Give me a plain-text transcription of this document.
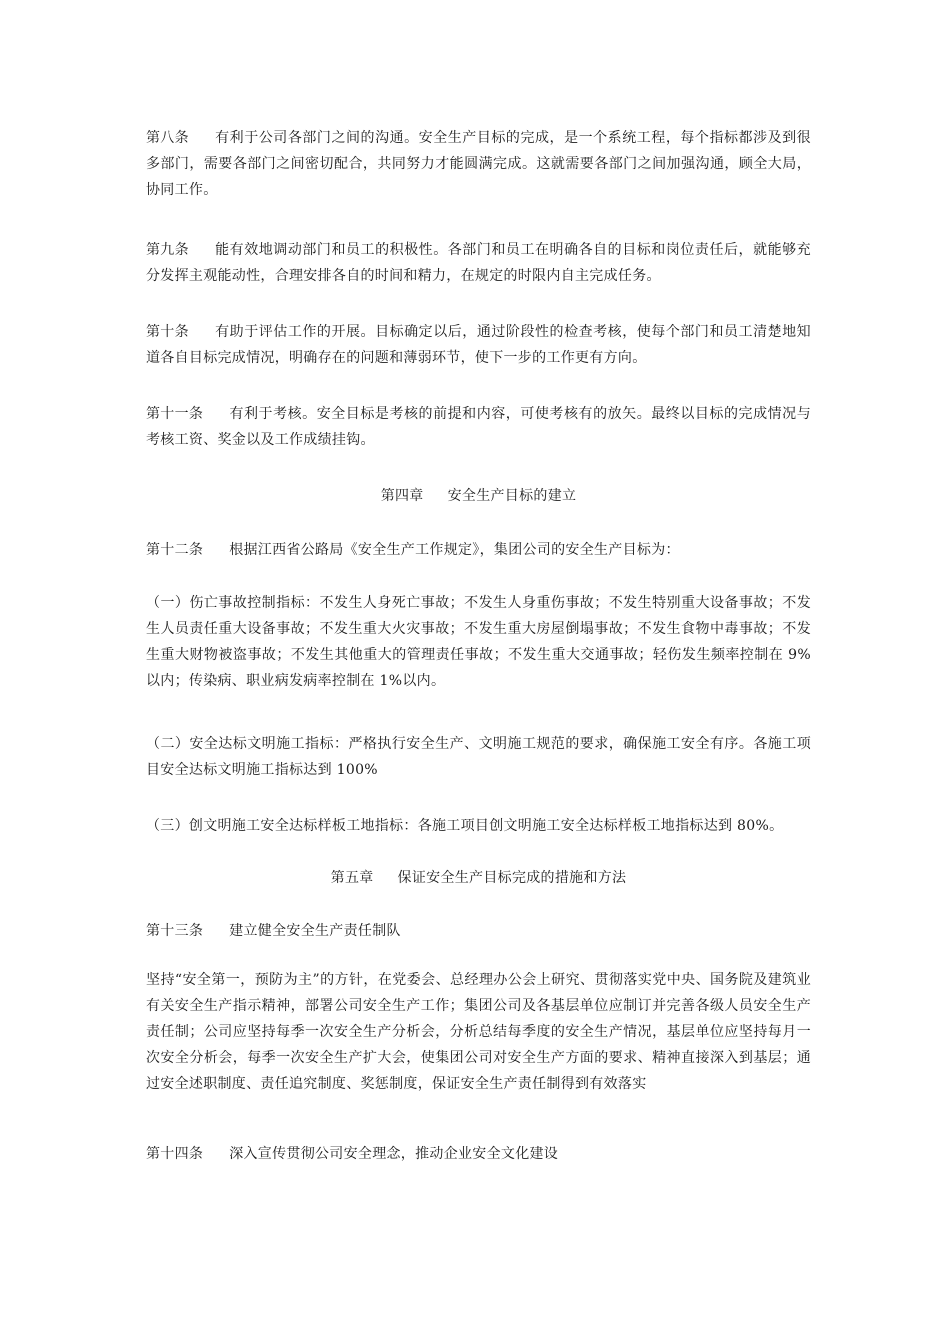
第八条 有利于公司各部门之间的沟通。安全生产目标的完成，是一个系统工程，每个指标都涉及到很多部门，需要各部门之间密切配合，共同努力才能圆满完成。这就需要各部门之间加强沟通，顾全大局，协同工作。

第九条 能有效地调动部门和员工的积极性。各部门和员工在明确各自的目标和岗位责任后，就能够充分发挥主观能动性，合理安排各自的时间和精力，在规定的时限内自主完成任务。

第十条 有助于评估工作的开展。目标确定以后，通过阶段性的检查考核，使每个部门和员工清楚地知道各自目标完成情况，明确存在的问题和薄弱环节，使下一步的工作更有方向。

第十一条 有利于考核。安全目标是考核的前提和内容，可使考核有的放矢。最终以目标的完成情况与考核工资、奖金以及工作成绩挂钩。

第四章 安全生产目标的建立

第十二条 根据江西省公路局《安全生产工作规定》，集团公司的安全生产目标为：

（一）伤亡事故控制指标：不发生人身死亡事故；不发生人身重伤事故；不发生特别重大设备事故；不发生人员责任重大设备事故；不发生重大火灾事故；不发生重大房屋倒塌事故；不发生食物中毒事故；不发生重大财物被盗事故；不发生其他重大的管理责任事故；不发生重大交通事故；轻伤发生频率控制在 9%以内；传染病、职业病发病率控制在 1%以内。

（二）安全达标文明施工指标：严格执行安全生产、文明施工规范的要求，确保施工安全有序。各施工项目安全达标文明施工指标达到 100%

（三）创文明施工安全达标样板工地指标：各施工项目创文明施工安全达标样板工地指标达到 80%。

第五章 保证安全生产目标完成的措施和方法

第十三条 建立健全安全生产责任制队

坚持“安全第一，预防为主”的方针，在党委会、总经理办公会上研究、贯彻落实党中央、国务院及建筑业有关安全生产指示精神，部署公司安全生产工作；集团公司及各基层单位应制订并完善各级人员安全生产责任制；公司应坚持每季一次安全生产分析会，分析总结每季度的安全生产情况，基层单位应坚持每月一次安全分析会，每季一次安全生产扩大会，使集团公司对安全生产方面的要求、精神直接深入到基层；通过安全述职制度、责任追究制度、奖惩制度，保证安全生产责任制得到有效落实

第十四条 深入宣传贯彻公司安全理念，推动企业安全文化建设
